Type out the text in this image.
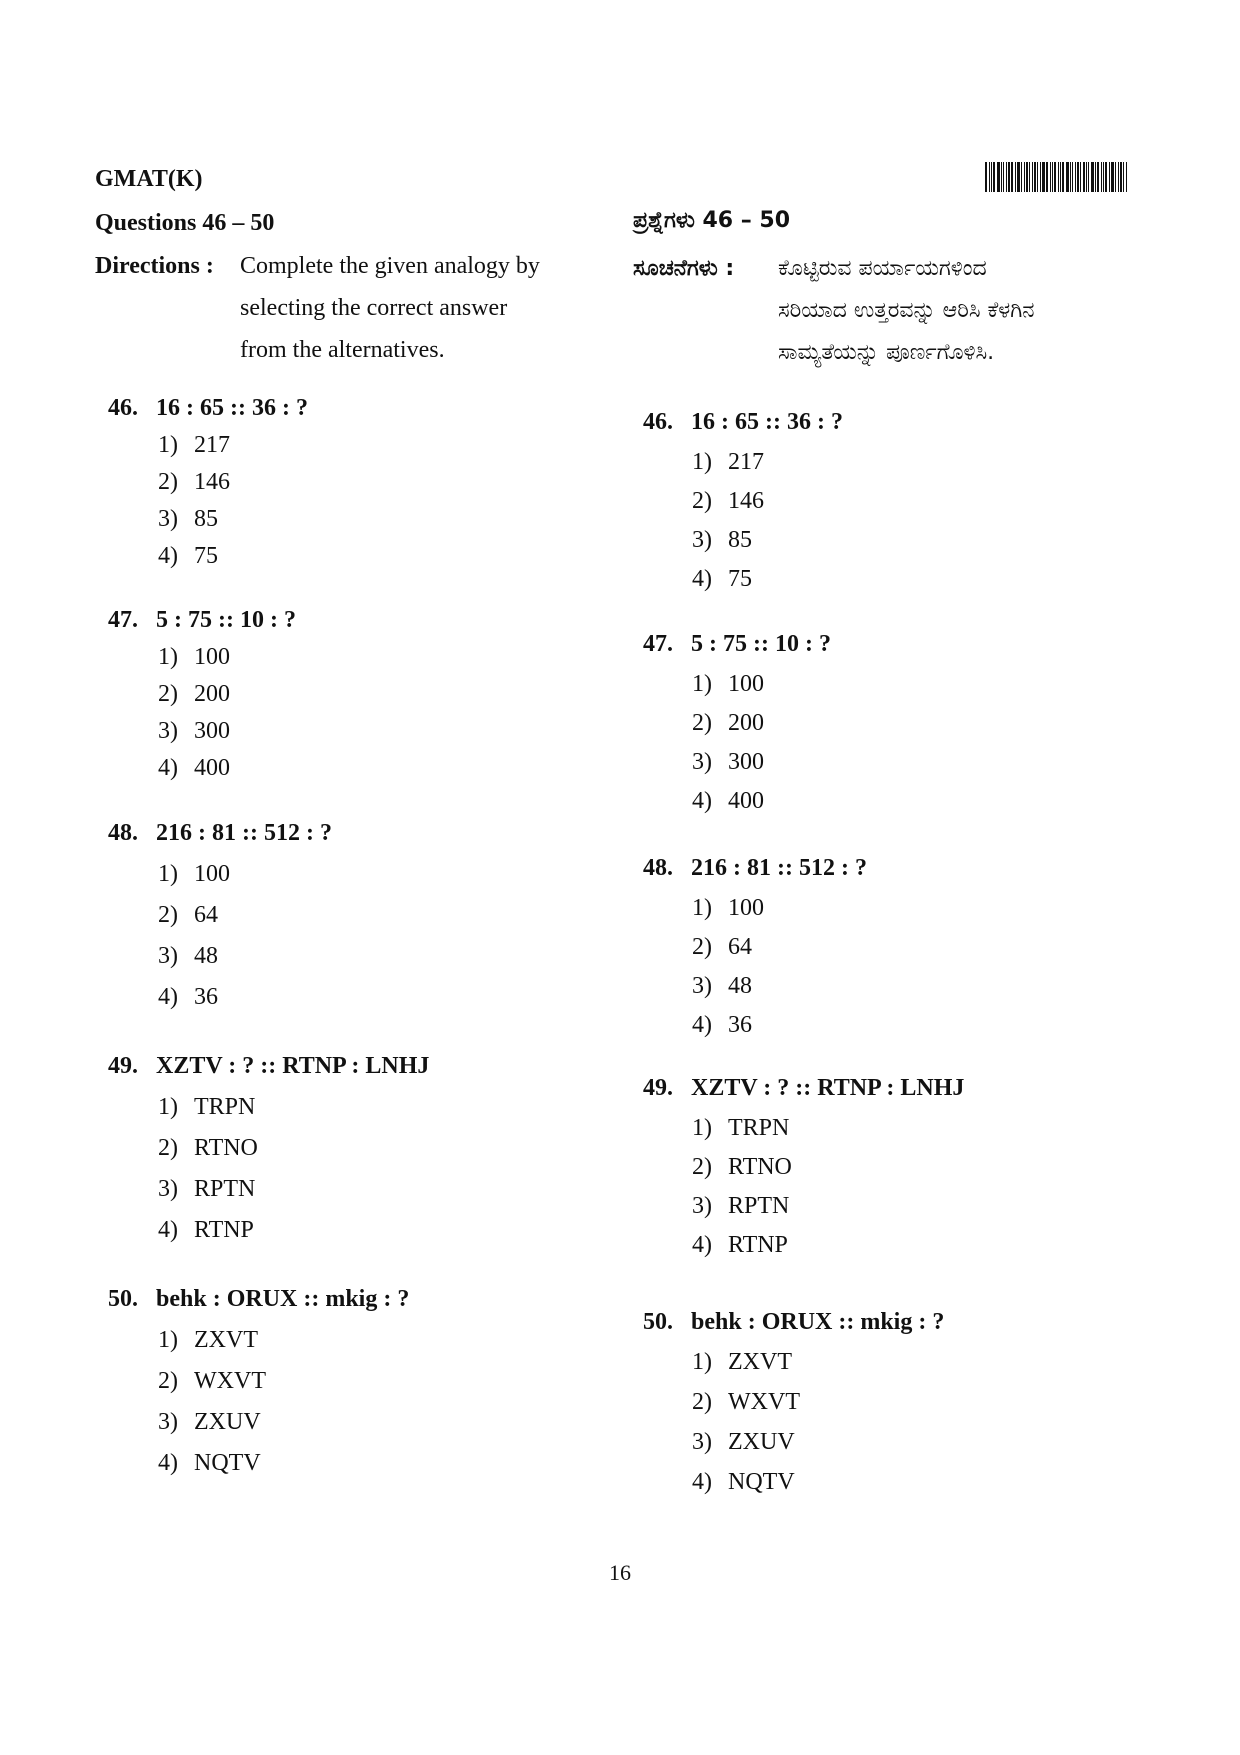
GMAT(K)
Questions 46 – 50
Directions : Complete the given analogy by
selecting the correct answer
from the alternatives.
ಪ್ರಶ್ನೆಗಳು 46 – 50
ಸೂಚನೆಗಳು : ಕೊಟ್ಟಿರುವ ಪರ್ಯಾಯಗಳಿಂದ
ಸರಿಯಾದ ಉತ್ತರವನ್ನು ಆರಿಸಿ ಕೆಳಗಿನ
ಸಾಮ್ಯತೆಯನ್ನು ಪೂರ್ಣಗೊಳಿಸಿ.
46. 16 : 65 :: 36 : ?
1) 217
2) 146
3) 85
4) 75
47. 5 : 75 :: 10 : ?
1) 100
2) 200
3) 300
4) 400
48. 216 : 81 :: 512 : ?
1) 100
2) 64
3) 48
4) 36
49. XZTV : ? :: RTNP : LNHJ
1) TRPN
2) RTNO
3) RPTN
4) RTNP
50. behk : ORUX :: mkig : ?
1) ZXVT
2) WXVT
3) ZXUV
4) NQTV
46. 16 : 65 :: 36 : ?
1) 217
2) 146
3) 85
4) 75
47. 5 : 75 :: 10 : ?
1) 100
2) 200
3) 300
4) 400
48. 216 : 81 :: 512 : ?
1) 100
2) 64
3) 48
4) 36
49. XZTV : ? :: RTNP : LNHJ
1) TRPN
2) RTNO
3) RPTN
4) RTNP
50. behk : ORUX :: mkig : ?
1) ZXVT
2) WXVT
3) ZXUV
4) NQTV
16
